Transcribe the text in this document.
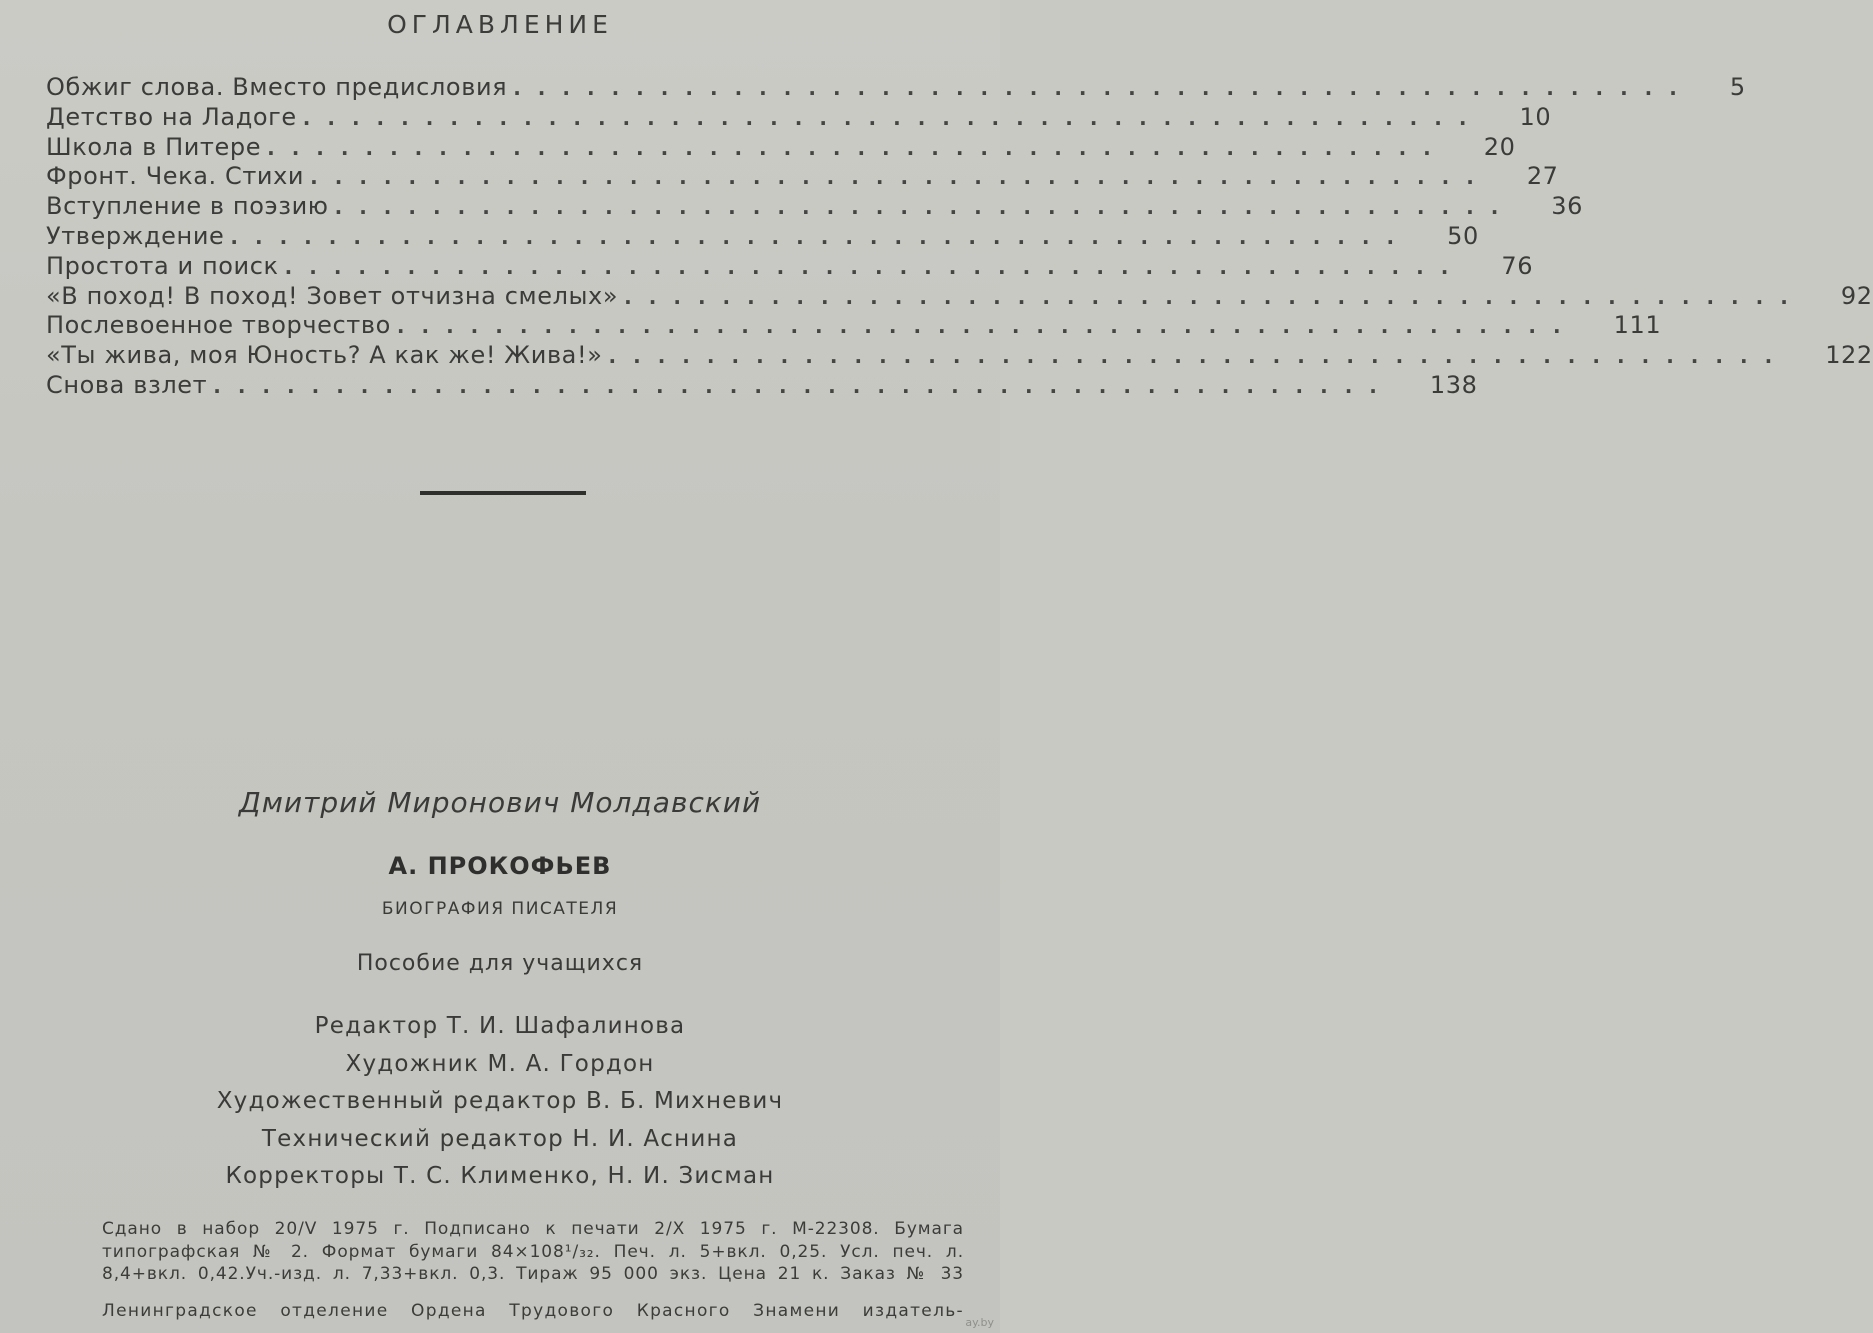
ОГЛАВЛЕНИЕ
Обжиг слова. Вместо предисловия ................................................	5
Детство на Ладоге ................................................	10
Школа в Питере ................................................	20
Фронт. Чека. Стихи ................................................	27
Вступление в поэзию ................................................	36
Утверждение ................................................	50
Простота и поиск ................................................	76
«В поход! В поход! Зовет отчизна смелых» ................................................	92
Послевоенное творчество ................................................	111
«Ты жива, моя Юность? А как же! Жива!» ................................................	122
Снова взлет ................................................	138
Дмитрий Миронович Молдавский
А. ПРОКОФЬЕВ
БИОГРАФИЯ ПИСАТЕЛЯ
Пособие для учащихся
Редактор Т. И. Шафалинова
Художник М. А. Гордон
Художественный редактор В. Б. Михневич
Технический редактор Н. И. Аснина
Корректоры Т. С. Клименко, Н. И. Зисман
Сдано в набор 20/V 1975 г. Подписано к печати 2/X 1975 г. М-22308. Бумага
типографская № 2. Формат бумаги 84×108¹/₃₂. Печ. л. 5+вкл. 0,25. Усл. печ. л.
8,4+вкл. 0,42.Уч.-изд. л. 7,33+вкл. 0,3. Тираж 95 000 экз. Цена 21 к. Заказ № 33
Ленинградское отделение Ордена Трудового Красного Знамени издатель-
ay.by
